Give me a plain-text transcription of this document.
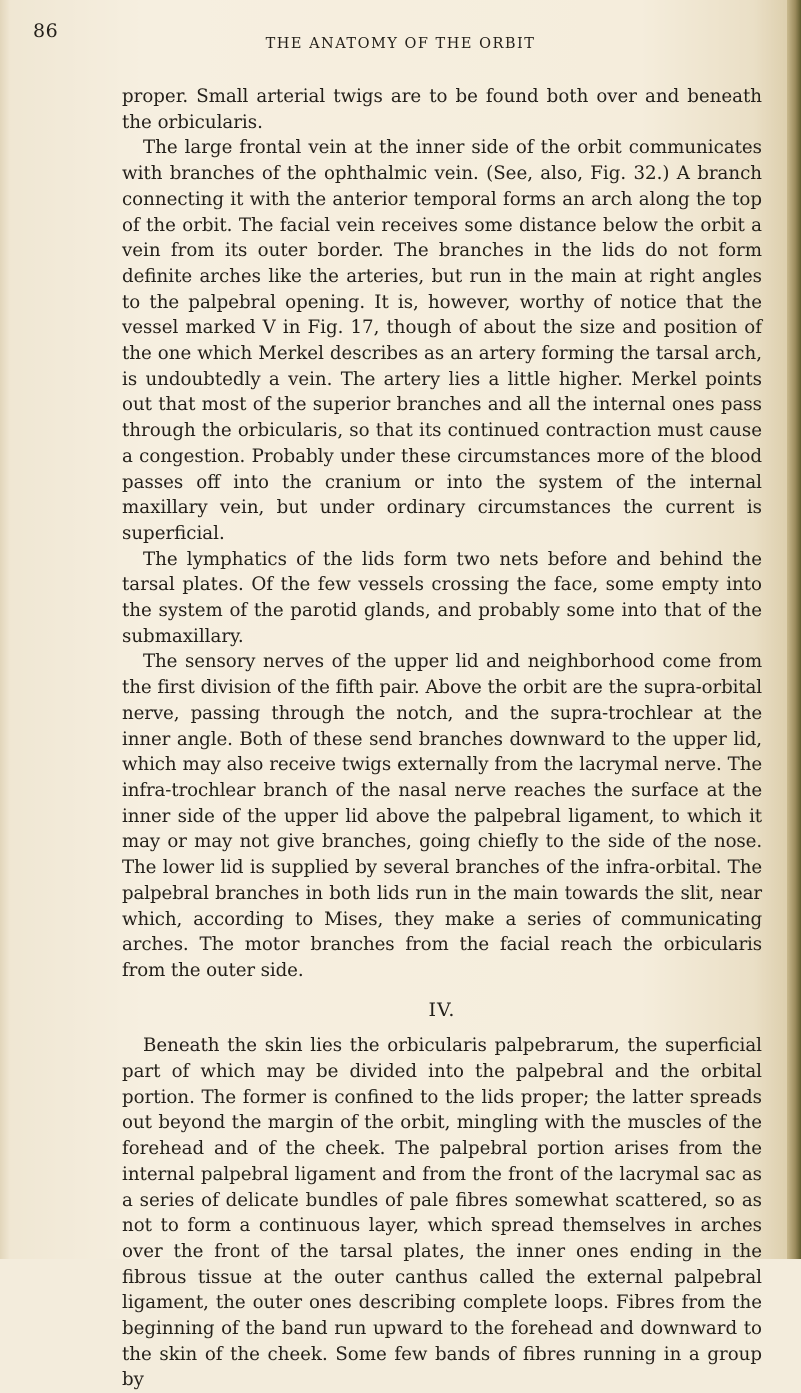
86
THE ANATOMY OF THE ORBIT

proper. Small arterial twigs are to be found both over and beneath the orbicularis.

The large frontal vein at the inner side of the orbit communicates with branches of the ophthalmic vein. (See, also, Fig. 32.) A branch connecting it with the anterior temporal forms an arch along the top of the orbit. The facial vein receives some distance below the orbit a vein from its outer border. The branches in the lids do not form definite arches like the arteries, but run in the main at right angles to the palpebral opening. It is, however, worthy of notice that the vessel marked V in Fig. 17, though of about the size and position of the one which Merkel describes as an artery forming the tarsal arch, is undoubtedly a vein. The artery lies a little higher. Merkel points out that most of the superior branches and all the internal ones pass through the orbicularis, so that its continued contraction must cause a congestion. Probably under these circumstances more of the blood passes off into the cranium or into the system of the internal maxillary vein, but under ordinary circumstances the current is superficial.

The lymphatics of the lids form two nets before and behind the tarsal plates. Of the few vessels crossing the face, some empty into the system of the parotid glands, and probably some into that of the submaxillary.

The sensory nerves of the upper lid and neighborhood come from the first division of the fifth pair. Above the orbit are the supra-orbital nerve, passing through the notch, and the supra-trochlear at the inner angle. Both of these send branches downward to the upper lid, which may also receive twigs externally from the lacrymal nerve. The infra-trochlear branch of the nasal nerve reaches the surface at the inner side of the upper lid above the palpebral ligament, to which it may or may not give branches, going chiefly to the side of the nose. The lower lid is supplied by several branches of the infra-orbital. The palpebral branches in both lids run in the main towards the slit, near which, according to Mises, they make a series of communicating arches. The motor branches from the facial reach the orbicularis from the outer side.

IV.

Beneath the skin lies the orbicularis palpebrarum, the superficial part of which may be divided into the palpebral and the orbital portion. The former is confined to the lids proper; the latter spreads out beyond the margin of the orbit, mingling with the muscles of the forehead and of the cheek. The palpebral portion arises from the internal palpebral ligament and from the front of the lacrymal sac as a series of delicate bundles of pale fibres somewhat scattered, so as not to form a continuous layer, which spread themselves in arches over the front of the tarsal plates, the inner ones ending in the fibrous tissue at the outer canthus called the external palpebral ligament, the outer ones describing complete loops. Fibres from the beginning of the band run upward to the forehead and downward to the skin of the cheek. Some few bands of fibres running in a group by
